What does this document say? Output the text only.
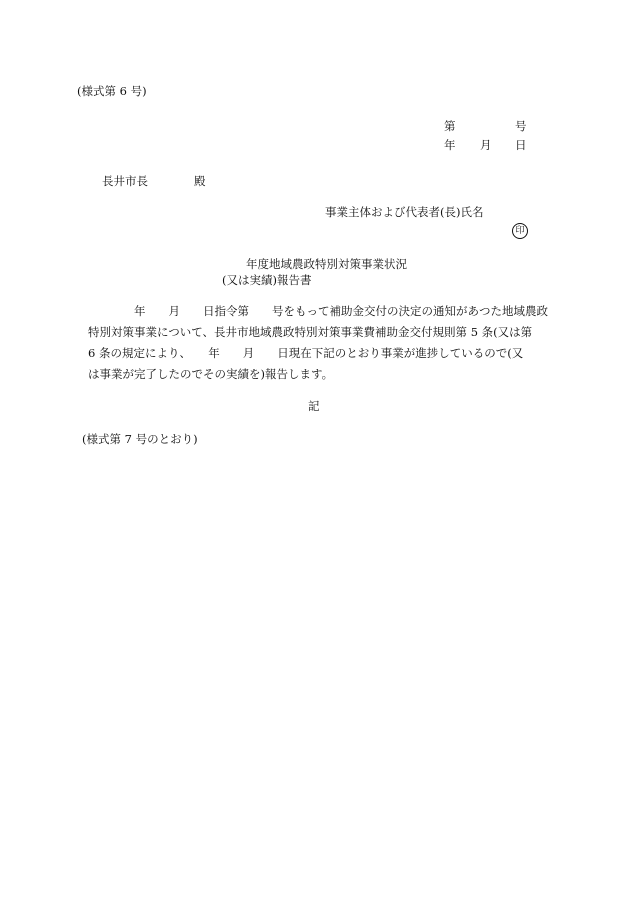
(様式第 6 号)
第	号
年 月 日
長井市長	殿
事業主体および代表者(長)氏名
印
年度地域農政特別対策事業状況
(又は実績)報告書
　　　　年　　月　　日指令第　　号をもって補助金交付の決定の通知があつた地域農政
特別対策事業について、長井市地域農政特別対策事業費補助金交付規則第 5 条(又は第
6 条の規定により、　　年　　月　　日現在下記のとおり事業が進捗しているので(又
は事業が完了したのでその実績を)報告します。
記
(様式第 7 号のとおり)
